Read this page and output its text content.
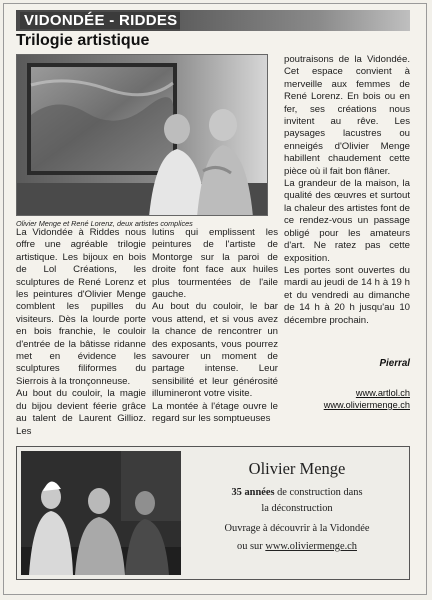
VIDONDÉE - RIDDES
Trilogie artistique
Olivier Menge et René Lorenz, deux artistes complices

La Vidondée à Riddes nous offre une agréable trilogie artistique. Les bijoux en bois de Lol Créations, les sculptures de René Lorenz et les peintures d'Olivier Menge comblent les pupilles du visiteurs. Dès la lourde porte en bois franchie, le couloir d'entrée de la bâtisse ridanne met en évidence les sculptures filiformes du Sierrois à la tronçonneuse.

Au bout du couloir, la magie du bijou devient féerie grâce au talent de Laurent Gillioz. Les

lutins qui emplissent les peintures de l'artiste de Montorge sur la paroi de droite font face aux huiles plus tourmentées de l'aile gauche.

Au bout du couloir, le bar vous attend, et si vous avez la chance de rencontrer un des exposants, vous pourrez savourer un moment de partage intense. Leur sensibilité et leur générosité illumineront votre visite.

La montée à l'étage ouvre le regard sur les somptueuses

poutraisons de la Vidondée. Cet espace convient à merveille aux femmes de René Lorenz. En bois ou en fer, ses créations nous invitent au rêve. Les paysages lacustres ou enneigés d'Olivier Menge habillent chaudement cette pièce où il fait bon flâner.

La grandeur de la maison, la qualité des œuvres et surtout la chaleur des artistes font de ce rendez-vous un passage obligé pour les amateurs d'art. Ne ratez pas cette exposition.

Les portes sont ouvertes du mardi au jeudi de 14 h à 19 h et du vendredi au dimanche de 14 h à 20 h jusqu'au 10 décembre prochain.

Pierral
www.artlol.ch
www.oliviermenge.ch
Olivier Menge
35 années de construction dans
la déconstruction
Ouvrage à découvrir à la Vidondée
ou sur www.oliviermenge.ch
